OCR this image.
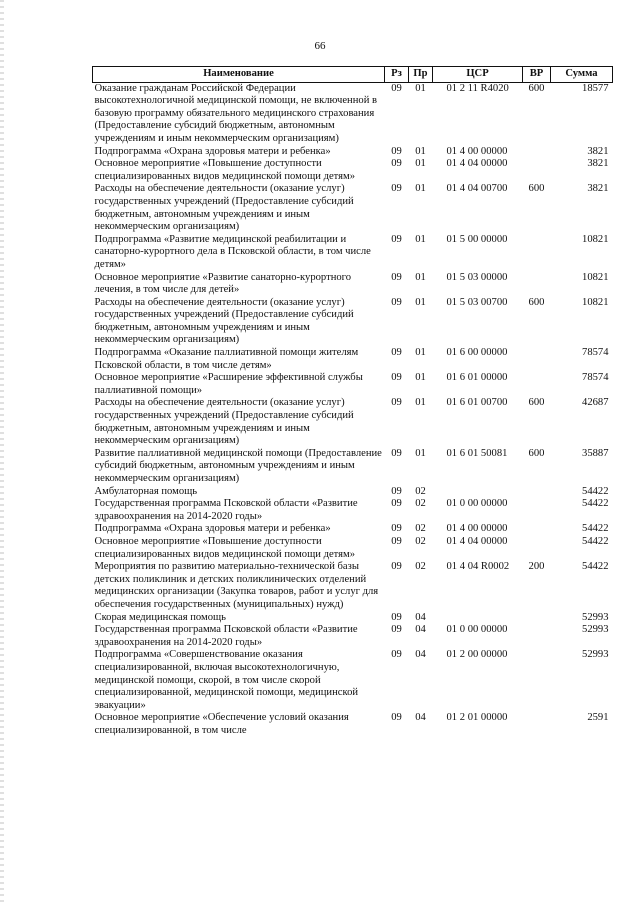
66
Наименование	Рз	Пр	ЦСР	ВР	Сумма
Оказание гражданам Российской Федерации высокотехнологичной медицинской помощи, не включенной в базовую программу обязательного медицинского страхования (Предоставление субсидий бюджетным, автономным учреждениям и иным некоммерческим организациям)	09	01	01 2 11 R4020	600	18577
Подпрограмма «Охрана здоровья матери и ребенка»	09	01	01 4 00 00000		3821
Основное мероприятие «Повышение доступности специализированных видов медицинской помощи детям»	09	01	01 4 04 00000		3821
Расходы на обеспечение деятельности (оказание услуг) государственных учреждений (Предоставление субсидий бюджетным, автономным учреждениям и иным некоммерческим организациям)	09	01	01 4 04 00700	600	3821
Подпрограмма «Развитие медицинской реабилитации и санаторно-курортного дела в Псковской области, в том числе детям»	09	01	01 5 00 00000		10821
Основное мероприятие «Развитие санаторно-курортного лечения, в том числе для детей»	09	01	01 5 03 00000		10821
Расходы на обеспечение деятельности (оказание услуг) государственных учреждений (Предоставление субсидий бюджетным, автономным учреждениям и иным некоммерческим организациям)	09	01	01 5 03 00700	600	10821
Подпрограмма «Оказание паллиативной помощи жителям Псковской области, в том числе детям»	09	01	01 6 00 00000		78574
Основное мероприятие «Расширение эффективной службы паллиативной помощи»	09	01	01 6 01 00000		78574
Расходы на обеспечение деятельности (оказание услуг) государственных учреждений (Предоставление субсидий бюджетным, автономным учреждениям и иным некоммерческим организациям)	09	01	01 6 01 00700	600	42687
Развитие паллиативной медицинской помощи (Предоставление субсидий бюджетным, автономным учреждениям и иным некоммерческим организациям)	09	01	01 6 01 50081	600	35887
Амбулаторная помощь	09	02			54422
Государственная программа Псковской области «Развитие здравоохранения на 2014-2020 годы»	09	02	01 0 00 00000		54422
Подпрограмма «Охрана здоровья матери и ребенка»	09	02	01 4 00 00000		54422
Основное мероприятие «Повышение доступности специализированных видов медицинской помощи детям»	09	02	01 4 04 00000		54422
Мероприятия по развитию материально-технической базы детских поликлиник и детских поликлинических отделений медицинских организации (Закупка товаров, работ и услуг для обеспечения государственных (муниципальных) нужд)	09	02	01 4 04 R0002	200	54422
Скорая медицинская помощь	09	04			52993
Государственная программа Псковской области «Развитие здравоохранения на 2014-2020 годы»	09	04	01 0 00 00000		52993
Подпрограмма «Совершенствование оказания специализированной, включая высокотехнологичную, медицинской помощи, скорой, в том числе скорой специализированной, медицинской помощи, медицинской эвакуации»	09	04	01 2 00 00000		52993
Основное мероприятие «Обеспечение условий оказания специализированной, в том числе	09	04	01 2 01 00000		2591
